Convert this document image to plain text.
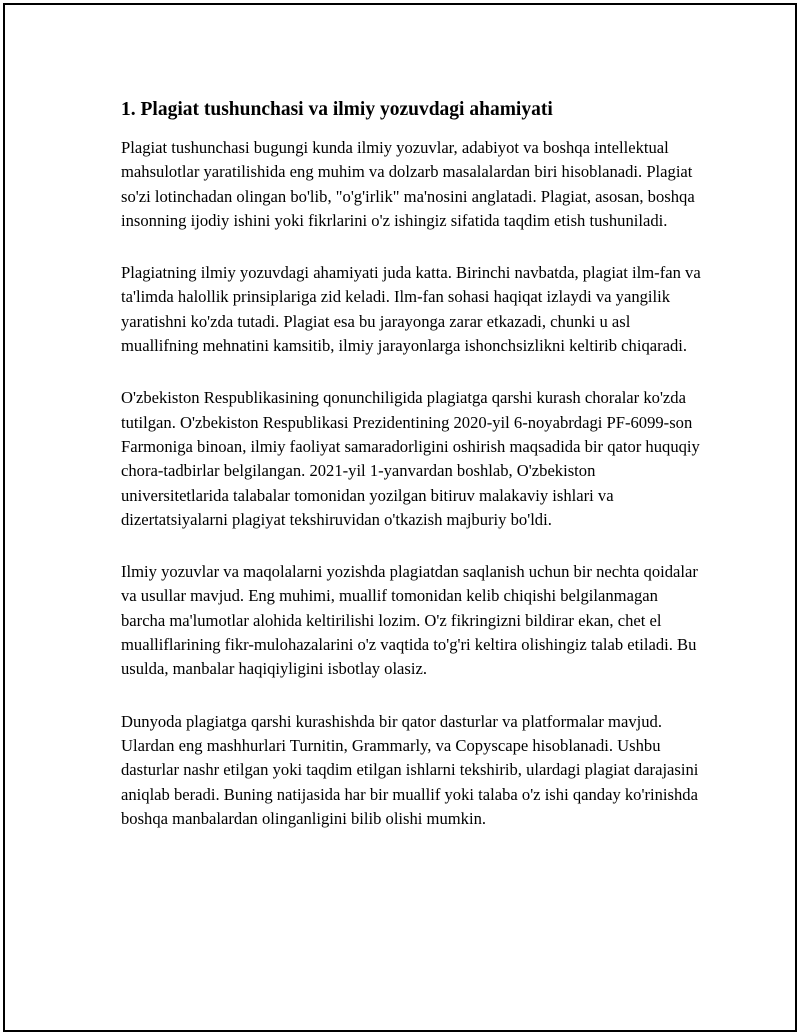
1. Plagiat tushunchasi va ilmiy yozuvdagi ahamiyati

Plagiat tushunchasi bugungi kunda ilmiy yozuvlar, adabiyot va boshqa intellektual mahsulotlar yaratilishida eng muhim va dolzarb masalalardan biri hisoblanadi. Plagiat so'zi lotinchadan olingan bo'lib, "o'g'irlik" ma'nosini anglatadi. Plagiat, asosan, boshqa insonning ijodiy ishini yoki fikrlarini o'z ishingiz sifatida taqdim etish tushuniladi.

Plagiatning ilmiy yozuvdagi ahamiyati juda katta. Birinchi navbatda, plagiat ilm-fan va ta'limda halollik prinsiplariga zid keladi. Ilm-fan sohasi haqiqat izlaydi va yangilik yaratishni ko'zda tutadi. Plagiat esa bu jarayonga zarar etkazadi, chunki u asl muallifning mehnatini kamsitib, ilmiy jarayonlarga ishonchsizlikni keltirib chiqaradi.

O'zbekiston Respublikasining qonunchiligida plagiatga qarshi kurash choralar ko'zda tutilgan. O'zbekiston Respublikasi Prezidentining 2020-yil 6-noyabrdagi PF-6099-son Farmoniga binoan, ilmiy faoliyat samaradorligini oshirish maqsadida bir qator huquqiy chora-tadbirlar belgilangan. 2021-yil 1-yanvardan boshlab, O'zbekiston universitetlarida talabalar tomonidan yozilgan bitiruv malakaviy ishlari va dizertatsiyalarni plagiyat tekshiruvidan o'tkazish majburiy bo'ldi.

Ilmiy yozuvlar va maqolalarni yozishda plagiatdan saqlanish uchun bir nechta qoidalar va usullar mavjud. Eng muhimi, muallif tomonidan kelib chiqishi belgilanmagan barcha ma'lumotlar alohida keltirilishi lozim. O'z fikringizni bildirar ekan, chet el mualliflarining fikr-mulohazalarini o'z vaqtida to'g'ri keltira olishingiz talab etiladi. Bu usulda, manbalar haqiqiyligini isbotlay olasiz.

Dunyoda plagiatga qarshi kurashishda bir qator dasturlar va platformalar mavjud. Ulardan eng mashhurlari Turnitin, Grammarly, va Copyscape hisoblanadi. Ushbu dasturlar nashr etilgan yoki taqdim etilgan ishlarni tekshirib, ulardagi plagiat darajasini aniqlab beradi. Buning natijasida har bir muallif yoki talaba o'z ishi qanday ko'rinishda boshqa manbalardan olinganligini bilib olishi mumkin.
